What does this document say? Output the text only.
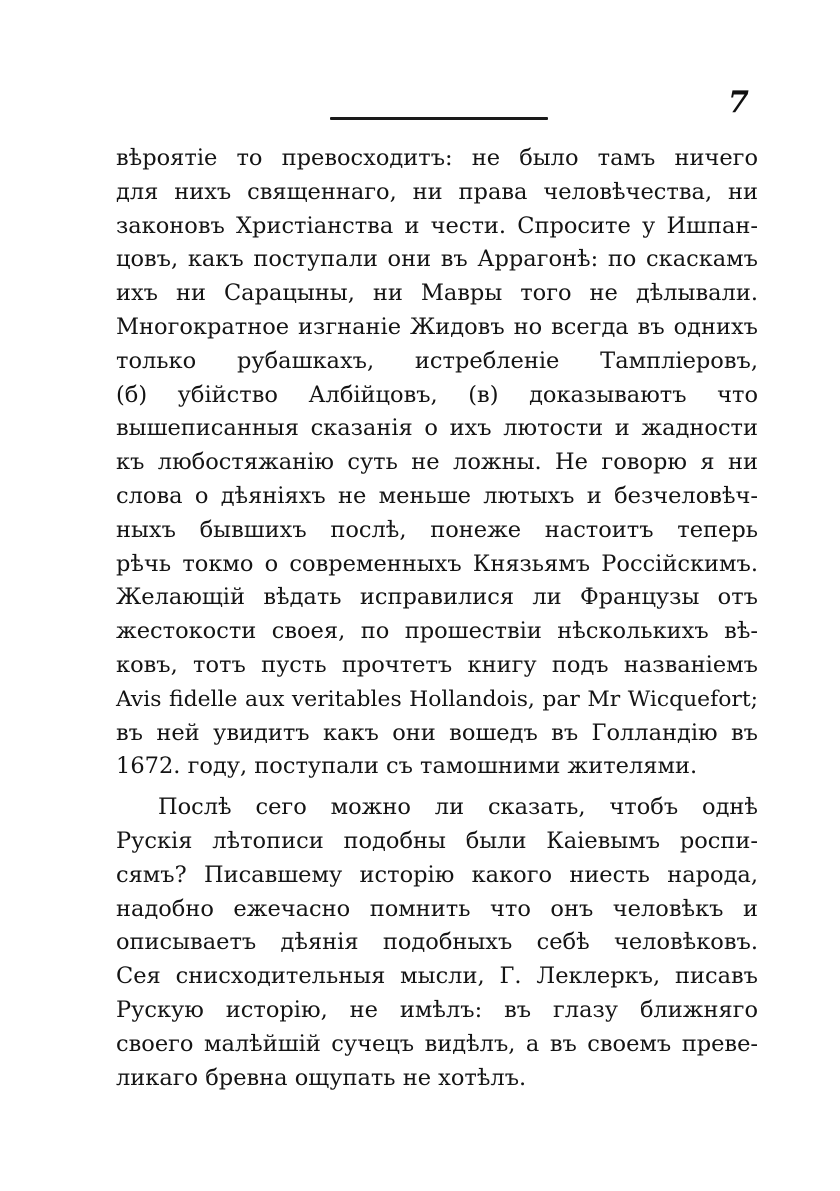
7
вѣроятіе то превосходитъ: не было тамъ ничего
для нихъ священнаго, ни права человѣчества, ни
законовъ Христіанства и чести. Спросите у Ишпан-
цовъ, какъ поступали они въ Аррагонѣ: по скаскамъ
ихъ ни Сарацыны, ни Мавры того не дѣлывали.
Многократное изгнаніе Жидовъ но всегда въ однихъ
только рубашкахъ, истребленіе Тамплiеровъ,
(б) убійство Албійцовъ, (в) доказываютъ что
вышеписанныя сказанія о ихъ лютости и жадности
къ любостяжанію суть не ложны. Не говорю я ни
слова о дѣяніяхъ не меньше лютыхъ и безчеловѣч-
ныхъ бывшихъ послѣ, понеже настоитъ теперь
рѣчь токмо о современныхъ Князьямъ Россійскимъ.
Желающій вѣдать исправилися ли Французы отъ
жестокости своея, по прошествіи нѣсколькихъ вѣ-
ковъ, тотъ пусть прочтетъ книгу подъ названіемъ
Avis fidelle aux veritables Hollandois, par Mr Wicquefort;
въ ней увидитъ какъ они вошедъ въ Голландію въ
1672. году, поступали съ тамошними жителями.
Послѣ сего можно ли сказать, чтобъ однѣ
Рускія лѣтописи подобны были Каіевымъ роспи-
сямъ? Писавшему исторію какого ниесть народа,
надобно ежечасно помнить что онъ человѣкъ и
описываетъ дѣянія подобныхъ себѣ человѣковъ.
Сея снисходительныя мысли, Г. Леклеркъ, писавъ
Рускую исторію, не имѣлъ: въ глазу ближняго
своего малѣйшій сучецъ видѣлъ, а въ своемъ преве-
ликаго бревна ощупать не хотѣлъ.
